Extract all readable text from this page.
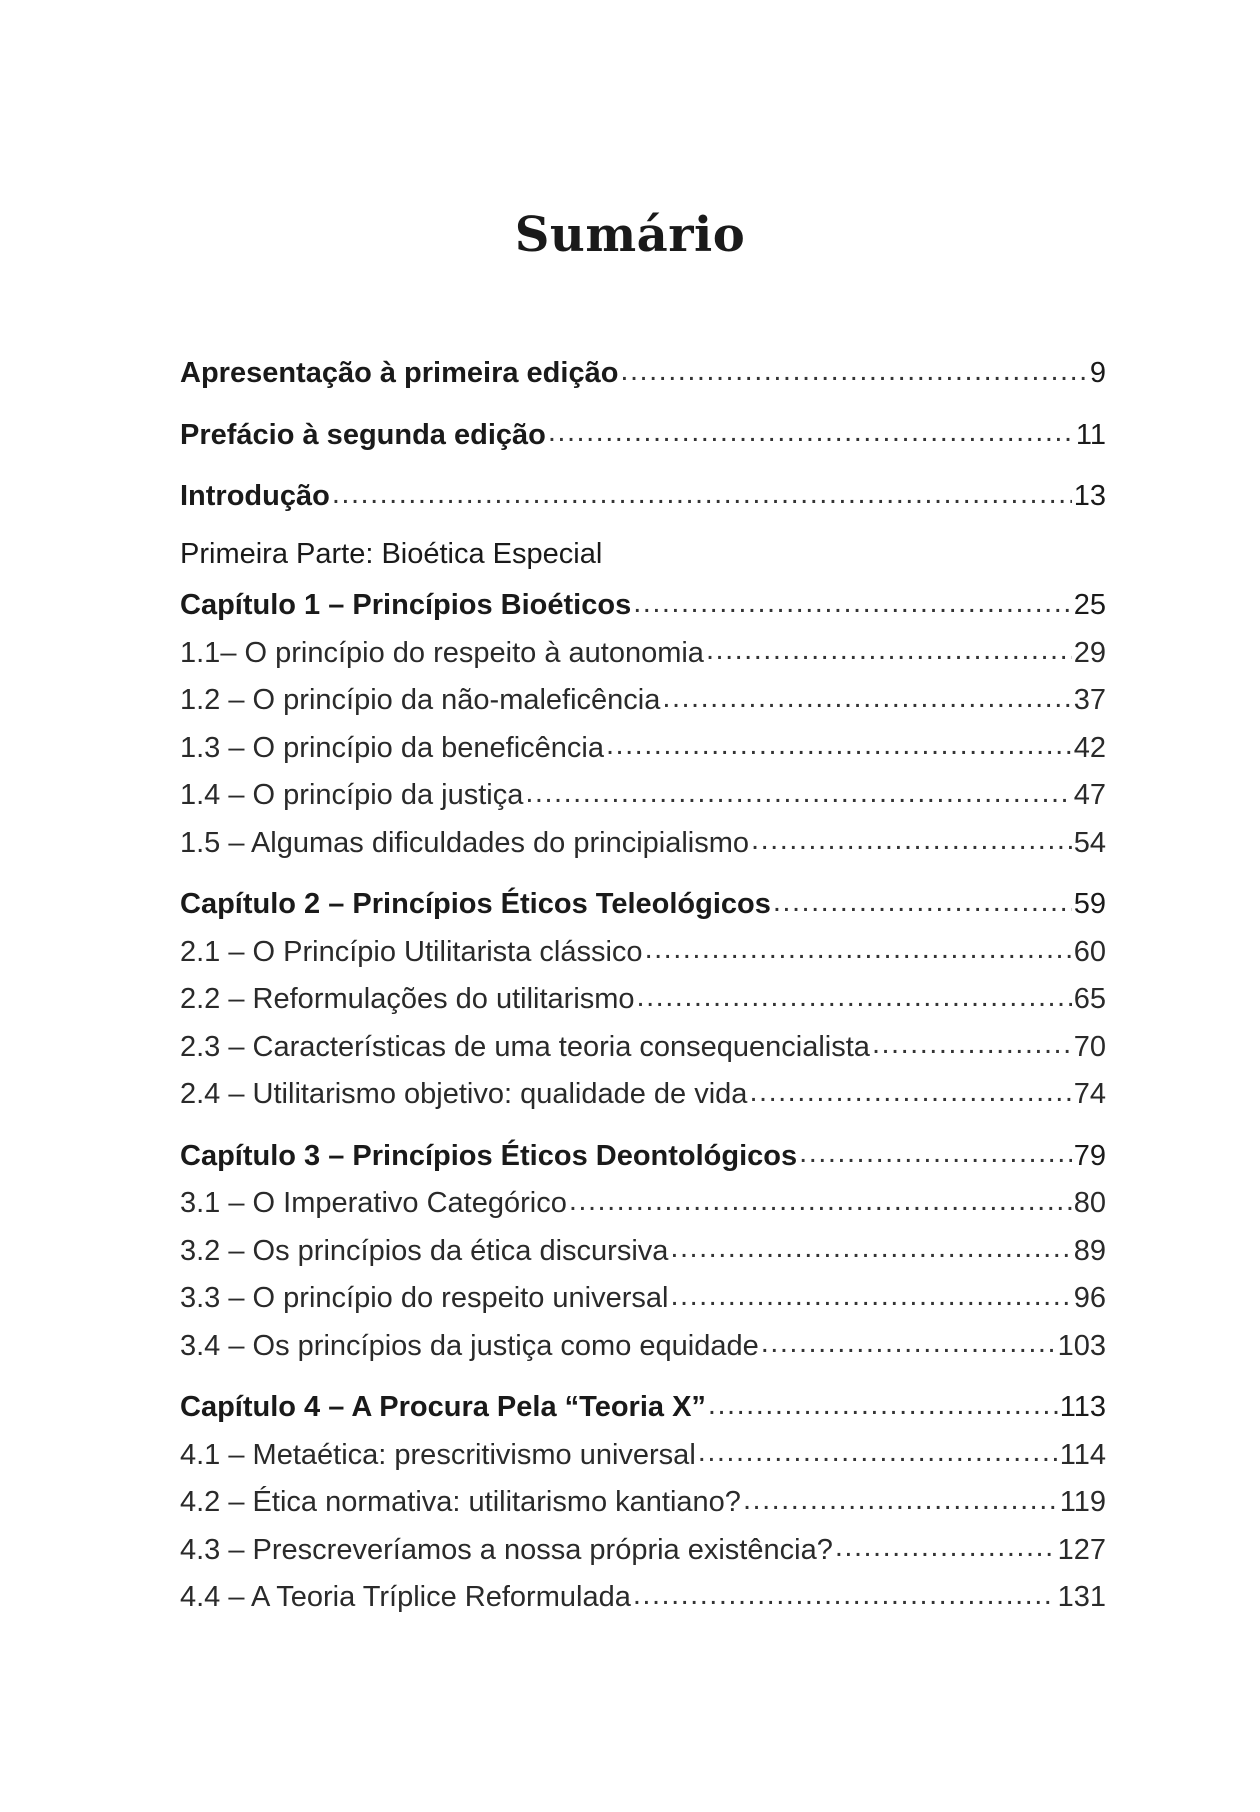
Sumário
Apresentação à primeira edição .....	9
Prefácio à segunda edição .....	11
Introdução .....	13
Primeira Parte: Bioética Especial
Capítulo 1 – Princípios Bioéticos .....	25
1.1– O princípio do respeito à autonomia .....	29
1.2 – O princípio da não-maleficência .....	37
1.3 – O princípio da beneficência .....	42
1.4 – O princípio da justiça .....	47
1.5 – Algumas dificuldades do principialismo .....	54
Capítulo 2 – Princípios Éticos Teleológicos .....	59
2.1 – O Princípio Utilitarista clássico .....	60
2.2 – Reformulações do utilitarismo .....	65
2.3 – Características de uma teoria consequencialista .....	70
2.4 – Utilitarismo objetivo: qualidade de vida .....	74
Capítulo 3 – Princípios Éticos Deontológicos .....	79
3.1 – O Imperativo Categórico .....	80
3.2 – Os princípios da ética discursiva .....	89
3.3 – O princípio do respeito universal .....	96
3.4 – Os princípios da justiça como equidade .....	103
Capítulo 4 – A Procura Pela “Teoria X” .....	113
4.1 – Metaética: prescritivismo universal .....	114
4.2 – Ética normativa: utilitarismo kantiano? .....	119
4.3 – Prescreveríamos a nossa própria existência? .....	127
4.4 – A Teoria Tríplice Reformulada .....	131
